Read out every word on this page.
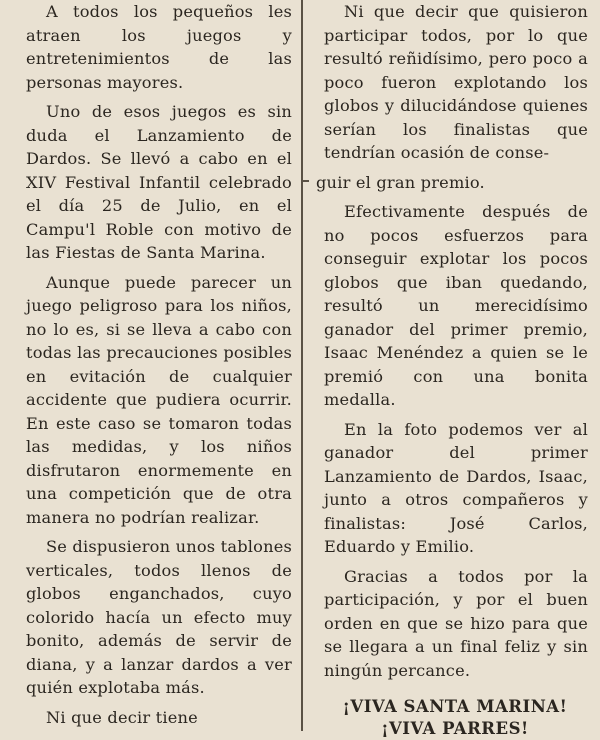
A todos los pequeños les atraen los juegos y entretenimientos de las personas mayores.

Uno de esos juegos es sin duda el Lanzamiento de Dardos. Se llevó a cabo en el XIV Festival Infantil celebrado el día 25 de Julio, en el Campu'l Roble con motivo de las Fiestas de Santa Marina.

Aunque puede parecer un juego peligroso para los niños, no lo es, si se lleva a cabo con todas las precauciones posibles en evitación de cualquier accidente que pudiera ocurrir. En este caso se tomaron todas las medidas, y los niños disfrutaron enormemente en una competición que de otra manera no podrían realizar.

Se dispusieron unos tablones verticales, todos llenos de globos enganchados, cuyo colorido hacía un efecto muy bonito, además de servir de diana, y a lanzar dardos a ver quién explotaba más.

Ni que decir tiene

Ni que decir que quisieron participar todos, por lo que resultó reñidísimo, pero poco a poco fueron explotando los globos y dilucidándose quienes serían los finalistas que tendrían ocasión de conse-

guir el gran premio.

Efectivamente después de no pocos esfuerzos para conseguir explotar los pocos globos que iban quedando, resultó un merecidísimo ganador del primer premio, Isaac Menéndez a quien se le premió con una bonita medalla.

En la foto podemos ver al ganador del primer Lanzamiento de Dardos, Isaac, junto a otros compañeros y finalistas: José Carlos, Eduardo y Emilio.

Gracias a todos por la participación, y por el buen orden en que se hizo para que se llegara a un final feliz y sin ningún percance.

¡VIVA SANTA MARINA!
¡VIVA PARRES!
